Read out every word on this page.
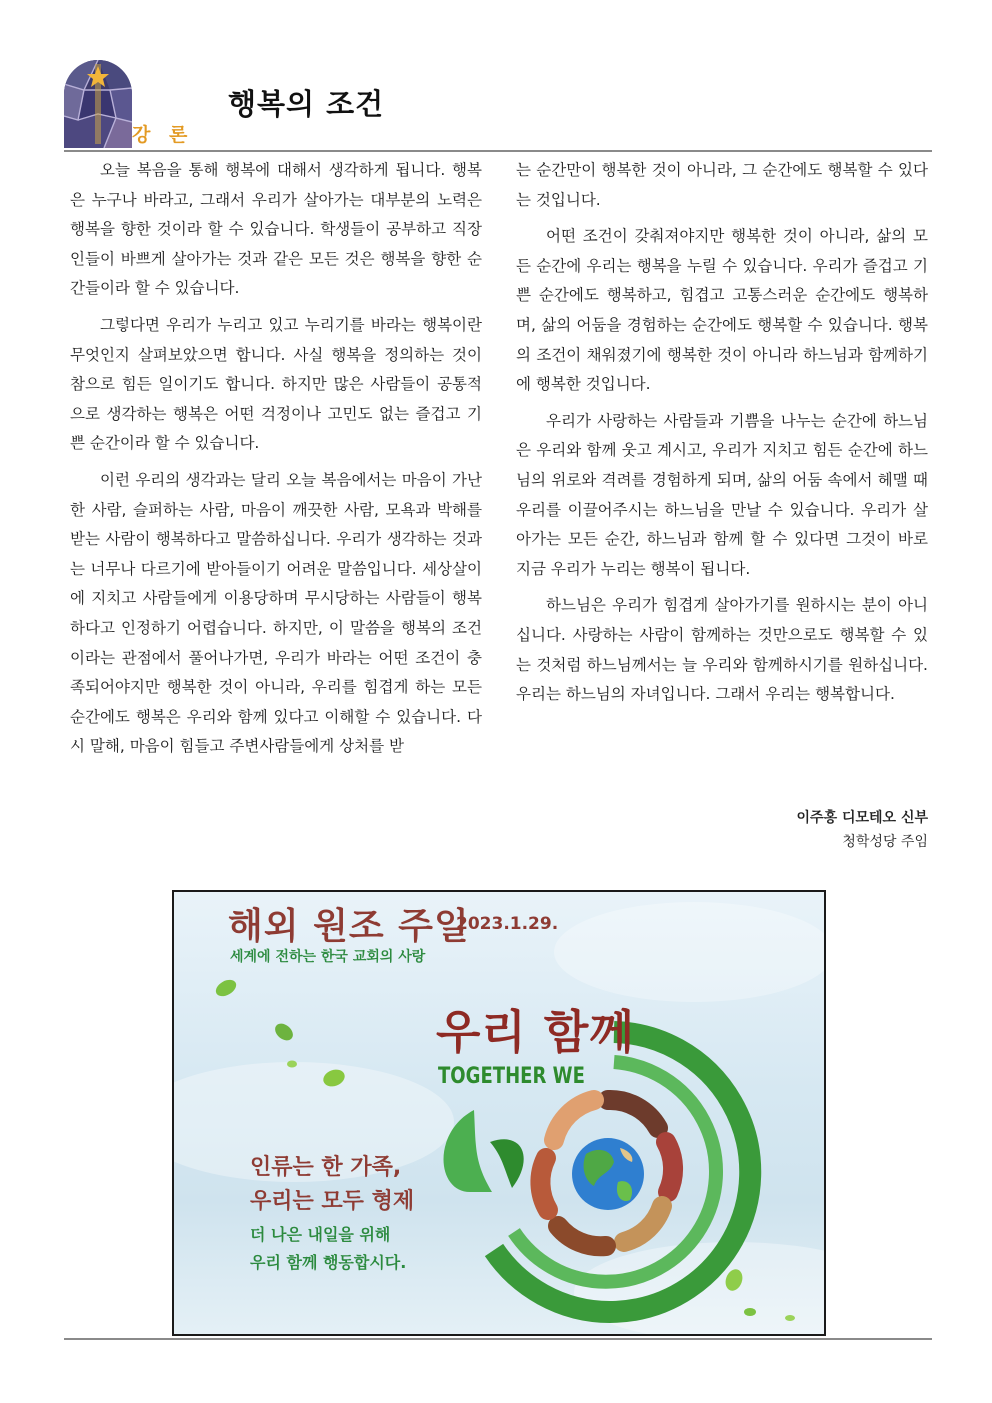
강 론
행복의 조건

오늘 복음을 통해 행복에 대해서 생각하게 됩니다. 행복은 누구나 바라고, 그래서 우리가 살아가는 대부분의 노력은 행복을 향한 것이라 할 수 있습니다. 학생들이 공부하고 직장인들이 바쁘게 살아가는 것과 같은 모든 것은 행복을 향한 순간들이라 할 수 있습니다.

그렇다면 우리가 누리고 있고 누리기를 바라는 행복이란 무엇인지 살펴보았으면 합니다. 사실 행복을 정의하는 것이 참으로 힘든 일이기도 합니다. 하지만 많은 사람들이 공통적으로 생각하는 행복은 어떤 걱정이나 고민도 없는 즐겁고 기쁜 순간이라 할 수 있습니다.

이런 우리의 생각과는 달리 오늘 복음에서는 마음이 가난한 사람, 슬퍼하는 사람, 마음이 깨끗한 사람, 모욕과 박해를 받는 사람이 행복하다고 말씀하십니다. 우리가 생각하는 것과는 너무나 다르기에 받아들이기 어려운 말씀입니다. 세상살이에 지치고 사람들에게 이용당하며 무시당하는 사람들이 행복하다고 인정하기 어렵습니다. 하지만, 이 말씀을 행복의 조건이라는 관점에서 풀어나가면, 우리가 바라는 어떤 조건이 충족되어야지만 행복한 것이 아니라, 우리를 힘겹게 하는 모든 순간에도 행복은 우리와 함께 있다고 이해할 수 있습니다. 다시 말해, 마음이 힘들고 주변사람들에게 상처를 받

는 순간만이 행복한 것이 아니라, 그 순간에도 행복할 수 있다는 것입니다.

어떤 조건이 갖춰져야지만 행복한 것이 아니라, 삶의 모든 순간에 우리는 행복을 누릴 수 있습니다. 우리가 즐겁고 기쁜 순간에도 행복하고, 힘겹고 고통스러운 순간에도 행복하며, 삶의 어둠을 경험하는 순간에도 행복할 수 있습니다. 행복의 조건이 채워졌기에 행복한 것이 아니라 하느님과 함께하기에 행복한 것입니다.

우리가 사랑하는 사람들과 기쁨을 나누는 순간에 하느님은 우리와 함께 웃고 계시고, 우리가 지치고 힘든 순간에 하느님의 위로와 격려를 경험하게 되며, 삶의 어둠 속에서 헤맬 때 우리를 이끌어주시는 하느님을 만날 수 있습니다. 우리가 살아가는 모든 순간, 하느님과 함께 할 수 있다면 그것이 바로 지금 우리가 누리는 행복이 됩니다.

하느님은 우리가 힘겹게 살아가기를 원하시는 분이 아니십니다. 사랑하는 사람이 함께하는 것만으로도 행복할 수 있는 것처럼 하느님께서는 늘 우리와 함께하시기를 원하십니다. 우리는 하느님의 자녀입니다. 그래서 우리는 행복합니다.

이주홍 디모테오 신부
청학성당 주임
해외 원조 주일
2023.1.29.
세계에 전하는 한국 교회의 사랑
우리 함께
TOGETHER WE
인류는 한 가족,
우리는 모두 형제
더 나은 내일을 위해
우리 함께 행동합시다.
